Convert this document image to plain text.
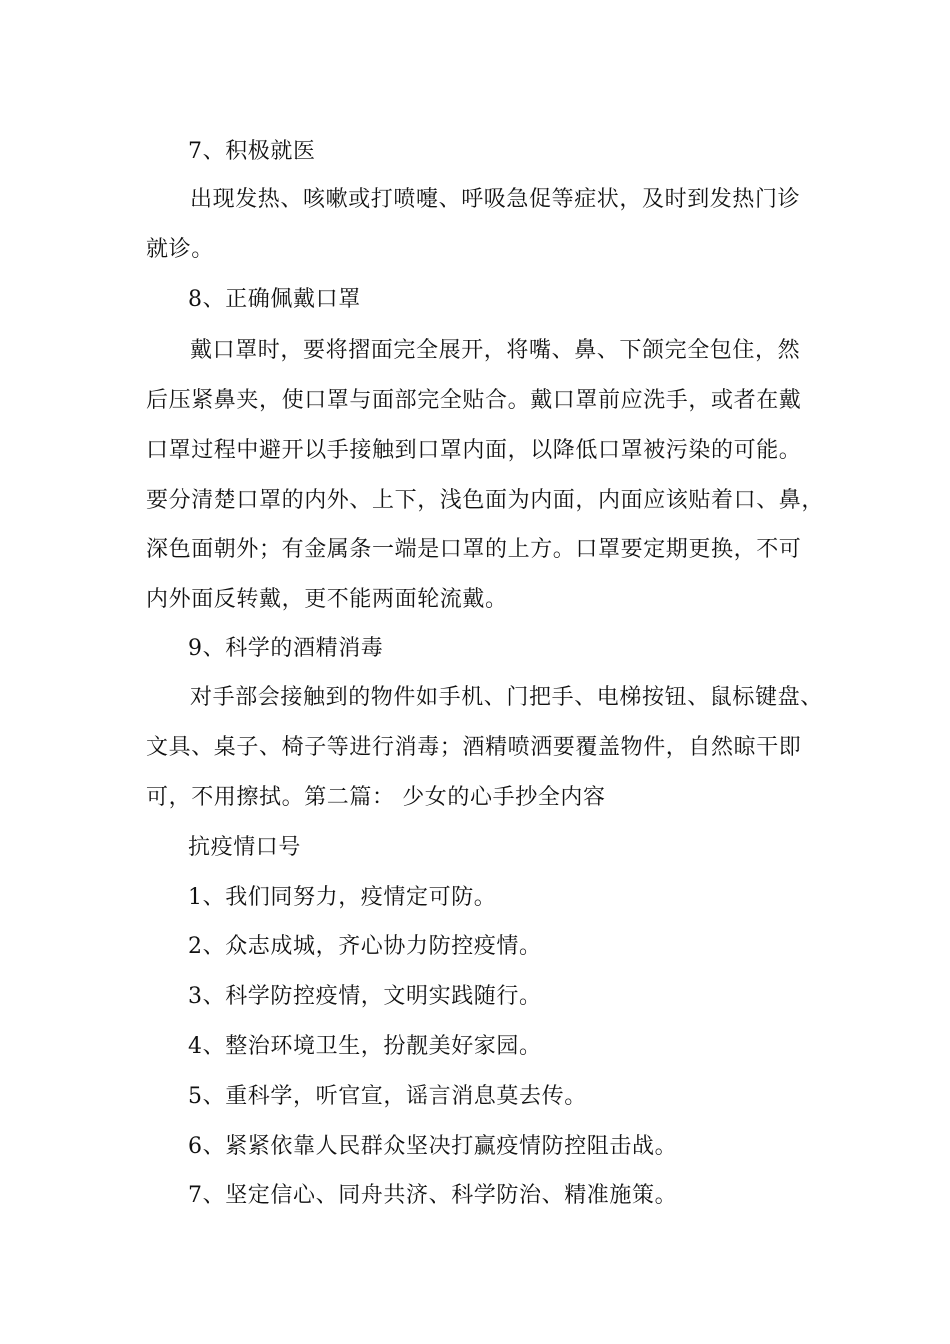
7、积极就医
出现发热、咳嗽或打喷嚏、呼吸急促等症状，及时到发热门诊
就诊。
8、正确佩戴口罩
戴口罩时，要将摺面完全展开，将嘴、鼻、下颌完全包住，然
后压紧鼻夹，使口罩与面部完全贴合。戴口罩前应洗手，或者在戴
口罩过程中避开以手接触到口罩内面，以降低口罩被污染的可能。
要分清楚口罩的内外、上下，浅色面为内面，内面应该贴着口、鼻，
深色面朝外；有金属条一端是口罩的上方。口罩要定期更换，不可
内外面反转戴，更不能两面轮流戴。
9、科学的酒精消毒
对手部会接触到的物件如手机、门把手、电梯按钮、鼠标键盘、
文具、桌子、椅子等进行消毒；酒精喷洒要覆盖物件，自然晾干即
可，不用擦拭。第二篇： 少女的心手抄全内容
抗疫情口号
1、我们同努力，疫情定可防。
2、众志成城，齐心协力防控疫情。
3、科学防控疫情，文明实践随行。
4、整治环境卫生，扮靓美好家园。
5、重科学，听官宣，谣言消息莫去传。
6、紧紧依靠人民群众坚决打赢疫情防控阻击战。
7、坚定信心、同舟共济、科学防治、精准施策。
